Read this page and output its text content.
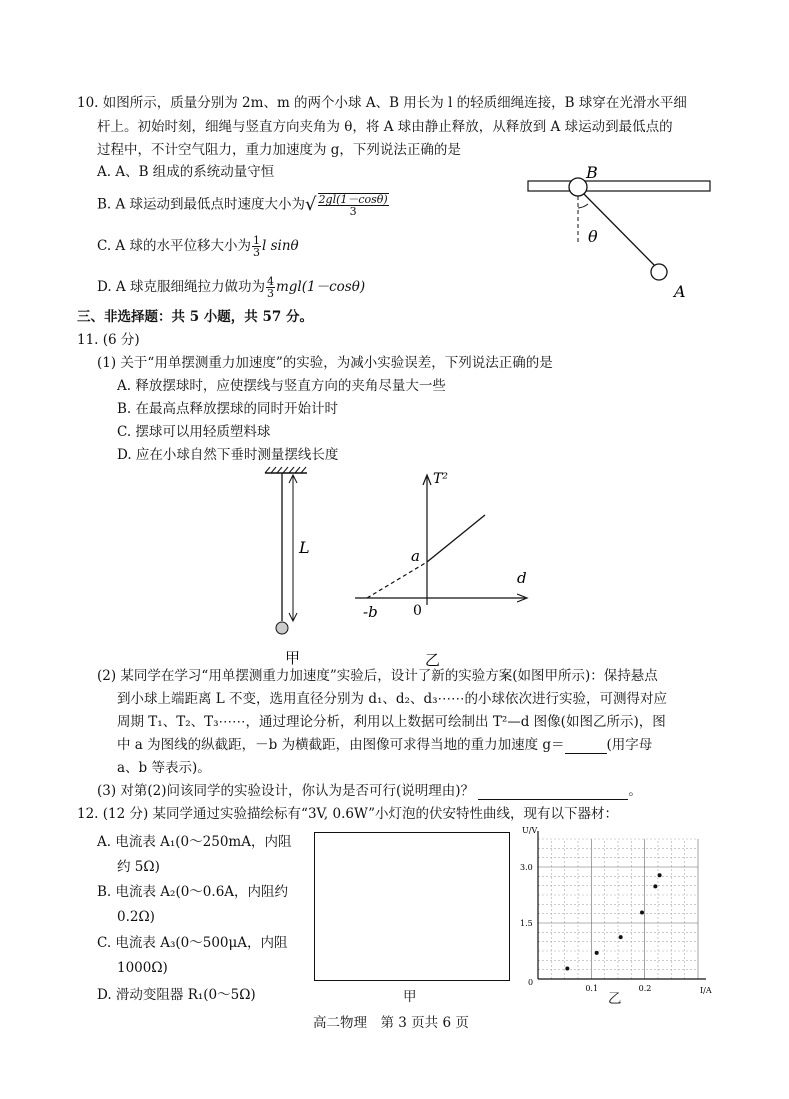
10. 如图所示，质量分别为 2m、m 的两个小球 A、B 用长为 l 的轻质细绳连接，B 球穿在光滑水平细
杆上。初始时刻，细绳与竖直方向夹角为 θ，将 A 球由静止释放，从释放到 A 球运动到最低点的
过程中，不计空气阻力，重力加速度为 g，下列说法正确的是
A. A、B 组成的系统动量守恒
B. A 球运动到最低点时速度大小为√ $\frac{2gl(1-\cos\theta)}{3}$
C. A 球的水平位移大小为 $\frac{1}{3}$ l sinθ
D. A 球克服细绳拉力做功为 $\frac{4}{3} mgl(1-\cos\theta)$
B
θ
A
三、非选择题：共 5 小题，共 57 分。
11. (6 分)
(1) 关于“用单摆测重力加速度”的实验，为减小实验误差，下列说法正确的是
A. 释放摆球时，应使摆线与竖直方向的夹角尽量大一些
B. 在最高点释放摆球的同时开始计时
C. 摆球可以用轻质塑料球
D. 应在小球自然下垂时测量摆线长度
L
甲
T²
d
a
-b	0
乙
(2) 某同学在学习“用单摆测重力加速度”实验后，设计了新的实验方案(如图甲所示)：保持悬点
到小球上端距离 L 不变，选用直径分别为 d₁、d₂、d₃⋯⋯的小球依次进行实验，可测得对应
周期 T₁、T₂、T₃⋯⋯，通过理论分析，利用以上数据可绘制出 T²—d 图像(如图乙所示)，图
中 a 为图线的纵截距，－b 为横截距，由图像可求得当地的重力加速度 g＝	(用字母
a、b 等表示)。
(3) 对第(2)问该同学的实验设计，你认为是否可行(说明理由)？	。
12. (12 分) 某同学通过实验描绘标有“3V, 0.6W”小灯泡的伏安特性曲线，现有以下器材：
A. 电流表 A₁(0～250mA，内阻
约 5Ω)
B. 电流表 A₂(0～0.6A，内阻约
0.2Ω)
C. 电流表 A₃(0～500μA，内阻
1000Ω)
D. 滑动变阻器 R₁(0～5Ω)	甲
U/V
I/A
0
0.1	0.2
1.5
3.0
乙
高二物理　第 3 页共 6 页
